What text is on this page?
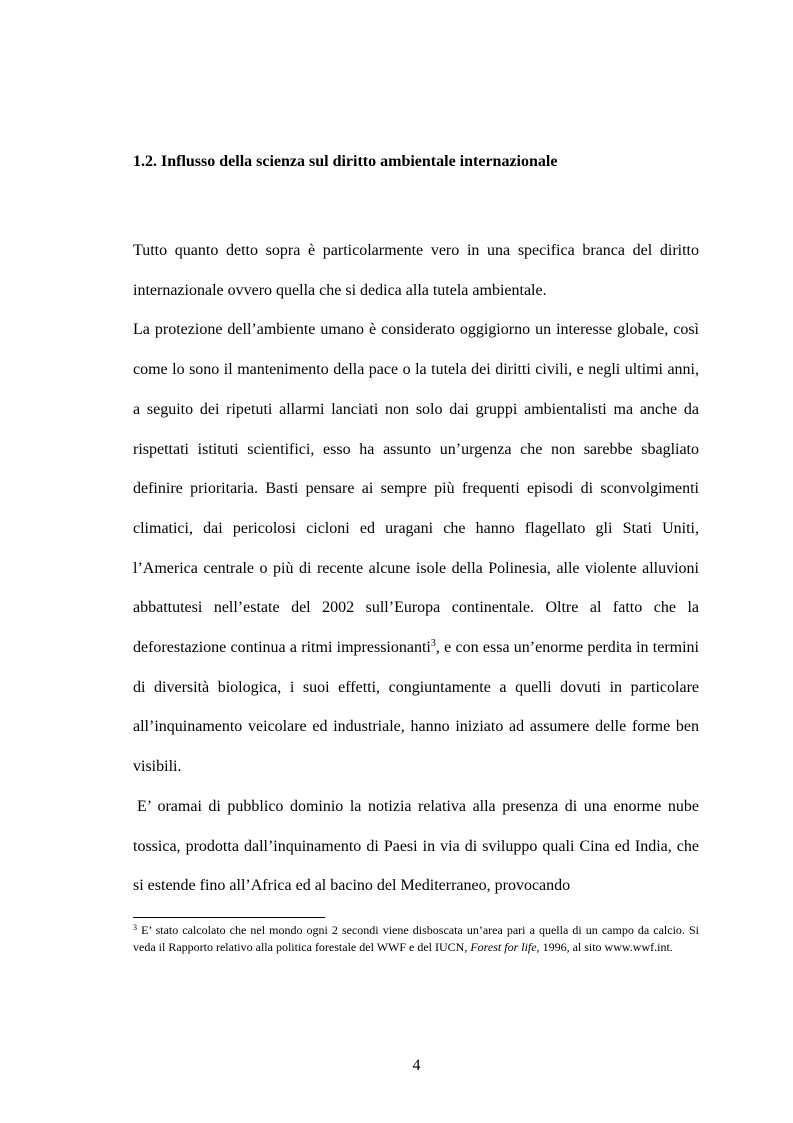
1.2. Influsso della scienza sul diritto ambientale internazionale

Tutto quanto detto sopra è particolarmente vero in una specifica branca del diritto internazionale ovvero quella che si dedica alla tutela ambientale.

La protezione dell’ambiente umano è considerato oggigiorno un interesse globale, così come lo sono il mantenimento della pace o la tutela dei diritti civili, e negli ultimi anni, a seguito dei ripetuti allarmi lanciati non solo dai gruppi ambientalisti ma anche da rispettati istituti scientifici, esso ha assunto un’urgenza che non sarebbe sbagliato definire prioritaria. Basti pensare ai sempre più frequenti episodi di sconvolgimenti climatici, dai pericolosi cicloni ed uragani che hanno flagellato gli Stati Uniti, l’America centrale o più di recente alcune isole della Polinesia, alle violente alluvioni abbattutesi nell’estate del 2002 sull’Europa continentale. Oltre al fatto che la deforestazione continua a ritmi impressionanti$^3$, e con essa un’enorme perdita in termini di diversità biologica, i suoi effetti, congiuntamente a quelli dovuti in particolare all’inquinamento veicolare ed industriale, hanno iniziato ad assumere delle forme ben visibili.

E’ oramai di pubblico dominio la notizia relativa alla presenza di una enorme nube tossica, prodotta dall’inquinamento di Paesi in via di sviluppo quali Cina ed India, che si estende fino all’Africa ed al bacino del Mediterraneo, provocando

$^3$ E’ stato calcolato che nel mondo ogni 2 secondi viene disboscata un’area pari a quella di un campo da calcio. Si veda il Rapporto relativo alla politica forestale del WWF e del IUCN, Forest for life, 1996, al sito www.wwf.int.
4
